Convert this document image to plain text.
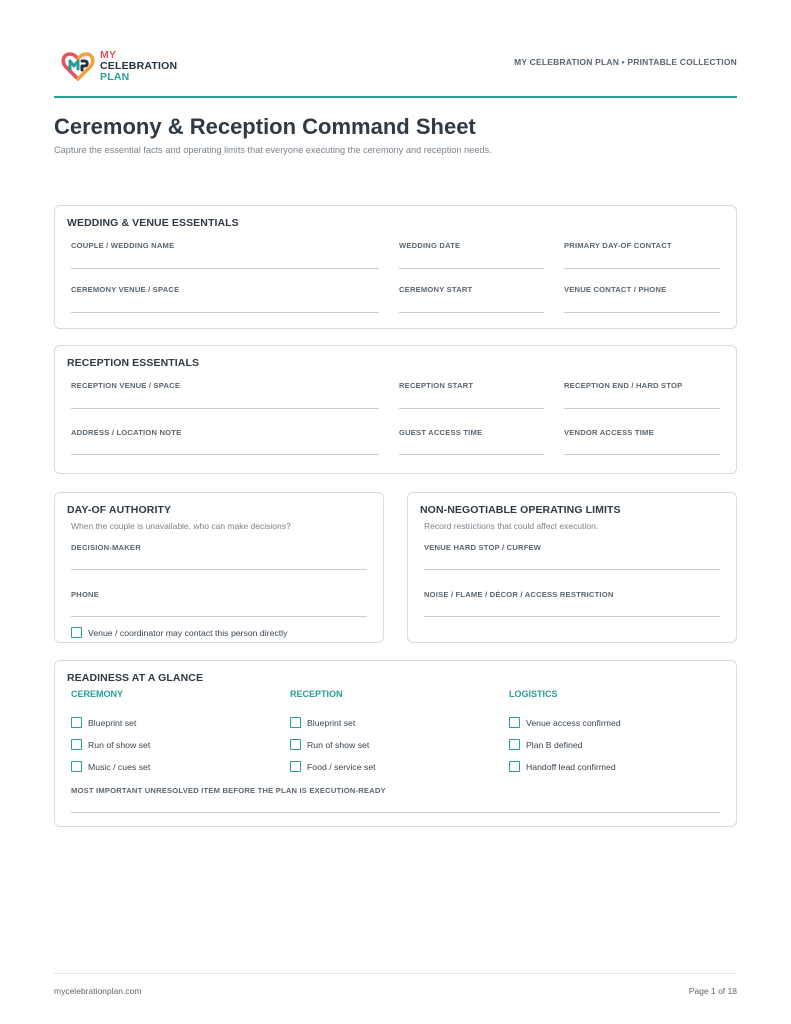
MY
CELEBRATION
PLAN
MY CELEBRATION PLAN • PRINTABLE COLLECTION
Ceremony & Reception Command Sheet
Capture the essential facts and operating limits that everyone executing the ceremony and reception needs.
WEDDING & VENUE ESSENTIALS
COUPLE / WEDDING NAME	WEDDING DATE	PRIMARY DAY-OF CONTACT
CEREMONY VENUE / SPACE	CEREMONY START	VENUE CONTACT / PHONE
RECEPTION ESSENTIALS
RECEPTION VENUE / SPACE	RECEPTION START	RECEPTION END / HARD STOP
ADDRESS / LOCATION NOTE	GUEST ACCESS TIME	VENDOR ACCESS TIME
DAY-OF AUTHORITY
When the couple is unavailable, who can make decisions?
DECISION-MAKER
PHONE
Venue / coordinator may contact this person directly
NON-NEGOTIABLE OPERATING LIMITS
Record restrictions that could affect execution.
VENUE HARD STOP / CURFEW
NOISE / FLAME / DÉCOR / ACCESS RESTRICTION
READINESS AT A GLANCE
CEREMONY	RECEPTION	LOGISTICS
Blueprint set
Run of show set
Music / cues set
Blueprint set
Run of show set
Food / service set
Venue access confirmed
Plan B defined
Handoff lead confirmed
MOST IMPORTANT UNRESOLVED ITEM BEFORE THE PLAN IS EXECUTION-READY
mycelebrationplan.com	Page 1 of 18
